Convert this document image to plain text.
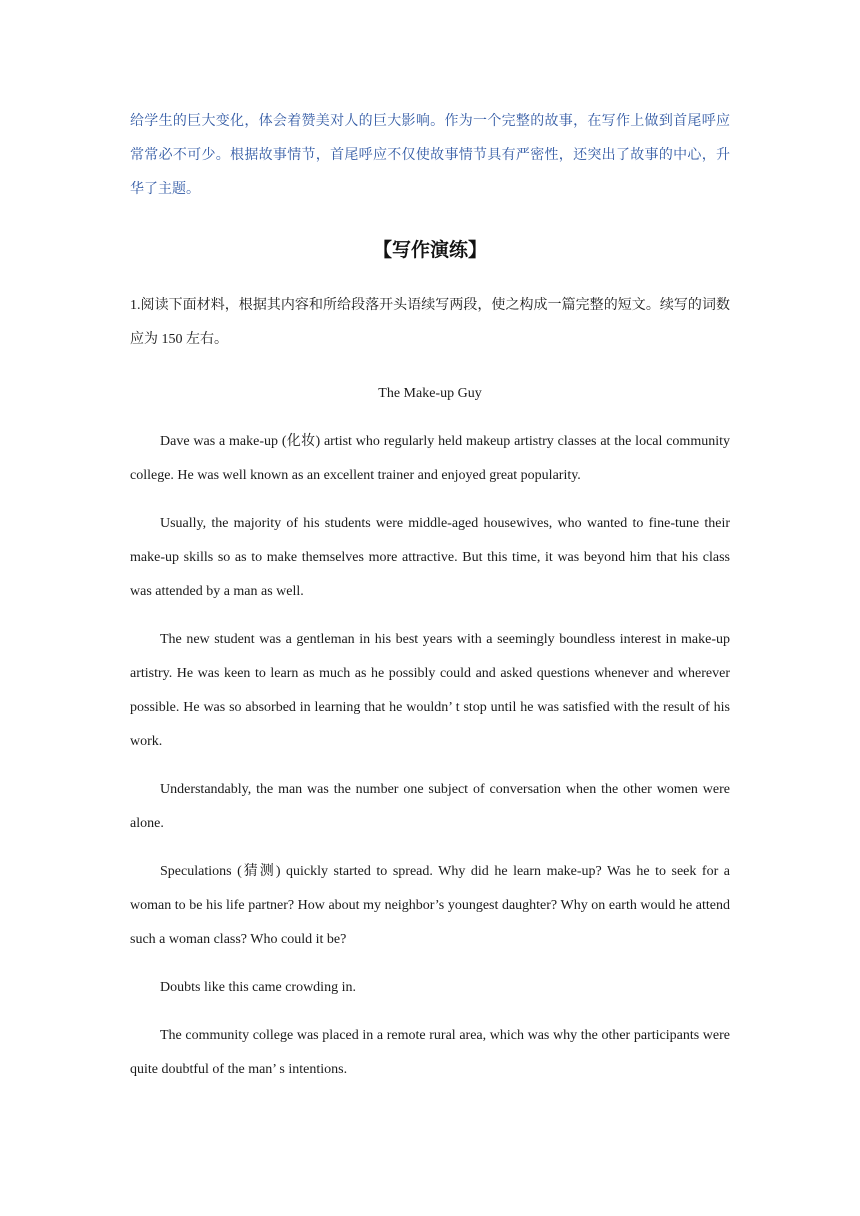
给学生的巨大变化，体会着赞美对人的巨大影响。作为一个完整的故事，在写作上做到首尾呼应常常必不可少。根据故事情节，首尾呼应不仅使故事情节具有严密性，还突出了故事的中心，升华了主题。

【写作演练】

1.阅读下面材料，根据其内容和所给段落开头语续写两段，使之构成一篇完整的短文。续写的词数应为 150 左右。

The Make-up Guy

Dave was a make-up (化妆) artist who regularly held makeup artistry classes at the local community college. He was well known as an excellent trainer and enjoyed great popularity.

Usually, the majority of his students were middle-aged housewives, who wanted to fine-tune their make-up skills so as to make themselves more attractive. But this time, it was beyond him that his class was attended by a man as well.

The new student was a gentleman in his best years with a seemingly boundless interest in make-up artistry. He was keen to learn as much as he possibly could and asked questions whenever and wherever possible. He was so absorbed in learning that he wouldn’ t stop until he was satisfied with the result of his work.

Understandably, the man was the number one subject of conversation when the other women were alone.

Speculations (猜测) quickly started to spread. Why did he learn make-up? Was he to seek for a woman to be his life partner? How about my neighbor’s youngest daughter? Why on earth would he attend such a woman class? Who could it be?

Doubts like this came crowding in.

The community college was placed in a remote rural area, which was why the other participants were quite doubtful of the man’ s intentions.
